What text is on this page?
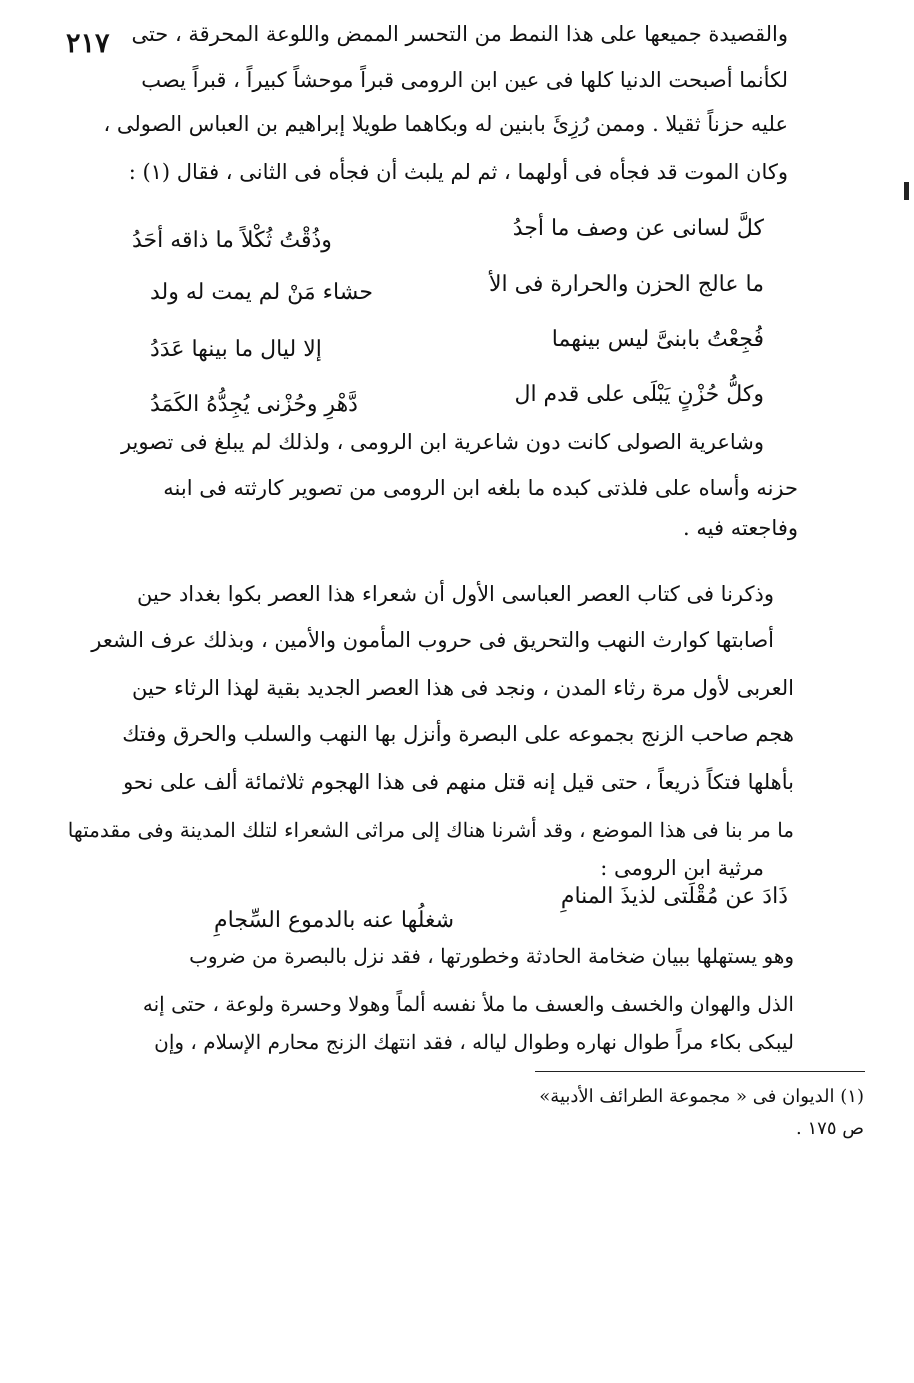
٢١٧ والقصيدة جميعها على هذا النمط من التحسر الممض واللوعة المحرقة ، حتى
لكأنما أصبحت الدنيا كلها فى عين ابن الرومى قبراً موحشاً كبيراً ، قبراً يصب
عليه حزناً ثقيلا . وممن رُزِئَ بابنين له وبكاهما طويلا إبراهيم بن العباس الصولى ،
وكان الموت قد فجأه فى أولهما ، ثم لم يلبث أن فجأه فى الثانى ، فقال (١) :
كلَّ لسانى عن وصف ما أجدُ
وذُقْتُ ثُكْلاً ما ذاقه أحَدُ
ما عالج الحزن والحرارة فى الأ
حشاء مَنْ لم يمت له ولد
فُجِعْتُ بابنىَّ ليس بينهما
إلا ليال ما بينها عَدَدُ
وكلُّ حُزْنٍ يَبْلَى على قدم ال
دَّهْرِ وحُزْنى يُجِدُّهُ الكَمَدُ
وشاعرية الصولى كانت دون شاعرية ابن الرومى ، ولذلك لم يبلغ فى تصوير
حزنه وأساه على فلذتى كبده ما بلغه ابن الرومى من تصوير كارثته فى ابنه
وفاجعته فيه .
وذكرنا فى كتاب العصر العباسى الأول أن شعراء هذا العصر بكوا بغداد حين
أصابتها كوارث النهب والتحريق فى حروب المأمون والأمين ، وبذلك عرف الشعر
العربى لأول مرة رثاء المدن ، ونجد فى هذا العصر الجديد بقية لهذا الرثاء حين
هجم صاحب الزنج بجموعه على البصرة وأنزل بها النهب والسلب والحرق وفتك
بأهلها فتكاً ذريعاً ، حتى قيل إنه قتل منهم فى هذا الهجوم ثلاثمائة ألف على نحو
ما مر بنا فى هذا الموضع ، وقد أشرنا هناك إلى مراثى الشعراء لتلك المدينة وفى مقدمتها
مرثية ابن الرومى :
ذَادَ عن مُقْلَتى لذيذَ المنامِ
شغلُها عنه بالدموع السِّجامِ
وهو يستهلها ببيان ضخامة الحادثة وخطورتها ، فقد نزل بالبصرة من ضروب
الذل والهوان والخسف والعسف ما ملأ نفسه ألماً وهولا وحسرة ولوعة ، حتى إنه
ليبكى بكاء مراً طوال نهاره وطوال لياله ، فقد انتهك الزنج محارم الإسلام ، وإن
(١) الديوان فى « مجموعة الطرائف الأدبية»
ص ١٧٥ .
